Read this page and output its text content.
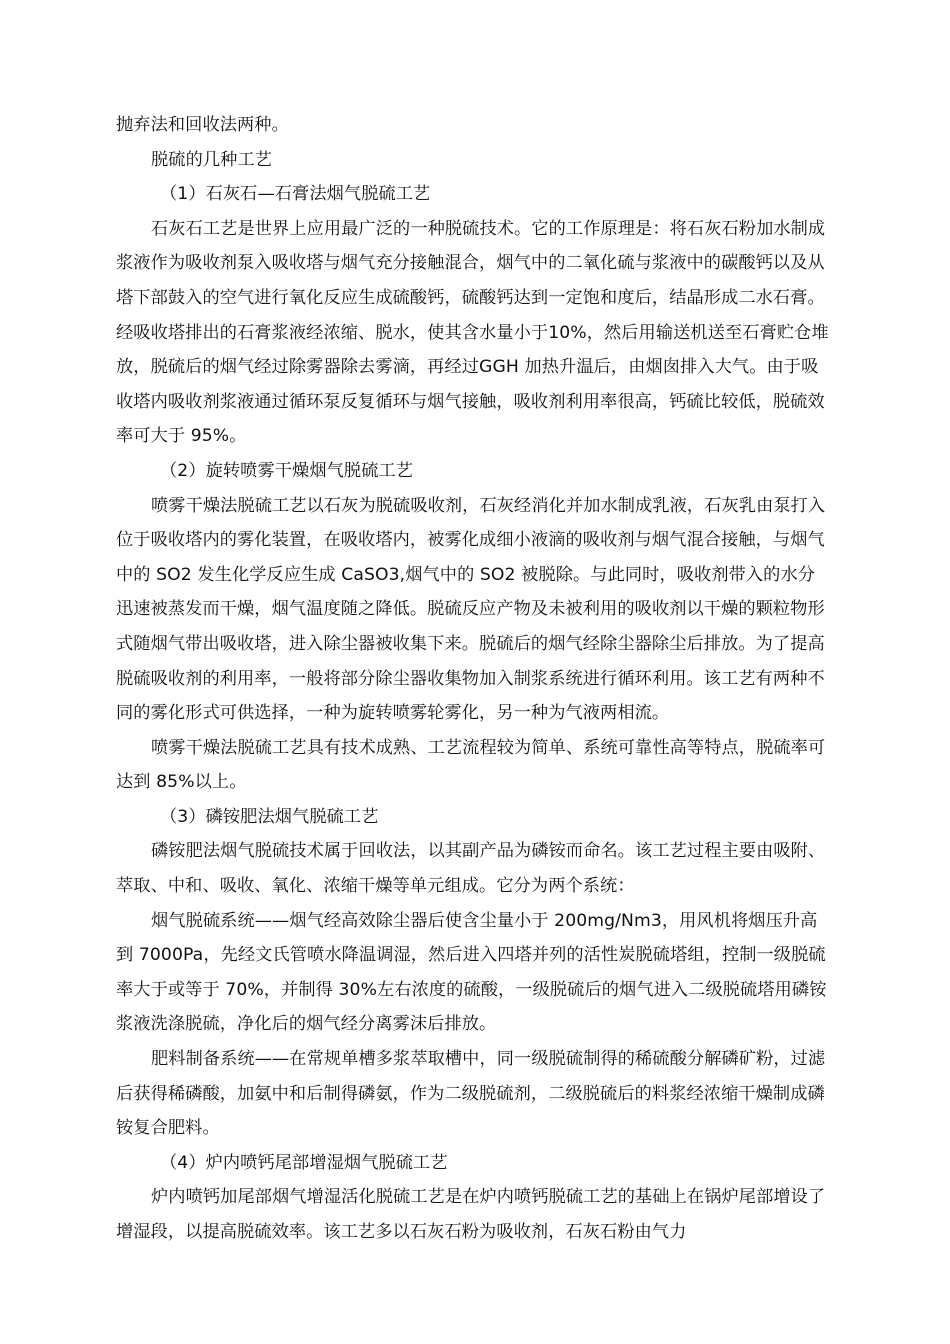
抛弃法和回收法两种。

脱硫的几种工艺

（1）石灰石—石膏法烟气脱硫工艺

石灰石工艺是世界上应用最广泛的一种脱硫技术。它的工作原理是：将石灰石粉加水制成浆液作为吸收剂泵入吸收塔与烟气充分接触混合，烟气中的二氧化硫与浆液中的碳酸钙以及从塔下部鼓入的空气进行氧化反应生成硫酸钙，硫酸钙达到一定饱和度后，结晶形成二水石膏。经吸收塔排出的石膏浆液经浓缩、脱水，使其含水量小于10%，然后用输送机送至石膏贮仓堆放，脱硫后的烟气经过除雾器除去雾滴，再经过GGH 加热升温后，由烟囱排入大气。由于吸收塔内吸收剂浆液通过循环泵反复循环与烟气接触，吸收剂利用率很高，钙硫比较低，脱硫效率可大于 95%。

（2）旋转喷雾干燥烟气脱硫工艺

喷雾干燥法脱硫工艺以石灰为脱硫吸收剂，石灰经消化并加水制成乳液，石灰乳由泵打入位于吸收塔内的雾化装置，在吸收塔内，被雾化成细小液滴的吸收剂与烟气混合接触，与烟气中的 SO2 发生化学反应生成 CaSO3,烟气中的 SO2 被脱除。与此同时，吸收剂带入的水分迅速被蒸发而干燥，烟气温度随之降低。脱硫反应产物及未被利用的吸收剂以干燥的颗粒物形式随烟气带出吸收塔，进入除尘器被收集下来。脱硫后的烟气经除尘器除尘后排放。为了提高脱硫吸收剂的利用率，一般将部分除尘器收集物加入制浆系统进行循环利用。该工艺有两种不同的雾化形式可供选择，一种为旋转喷雾轮雾化，另一种为气液两相流。

喷雾干燥法脱硫工艺具有技术成熟、工艺流程较为简单、系统可靠性高等特点，脱硫率可达到 85%以上。

（3）磷铵肥法烟气脱硫工艺

磷铵肥法烟气脱硫技术属于回收法，以其副产品为磷铵而命名。该工艺过程主要由吸附、萃取、中和、吸收、氧化、浓缩干燥等单元组成。它分为两个系统：

烟气脱硫系统——烟气经高效除尘器后使含尘量小于 200mg/Nm3，用风机将烟压升高到 7000Pa，先经文氏管喷水降温调湿，然后进入四塔并列的活性炭脱硫塔组，控制一级脱硫率大于或等于 70%，并制得 30%左右浓度的硫酸，一级脱硫后的烟气进入二级脱硫塔用磷铵浆液洗涤脱硫，净化后的烟气经分离雾沫后排放。

肥料制备系统——在常规单槽多浆萃取槽中，同一级脱硫制得的稀硫酸分解磷矿粉，过滤后获得稀磷酸，加氨中和后制得磷氨，作为二级脱硫剂，二级脱硫后的料浆经浓缩干燥制成磷铵复合肥料。

（4）炉内喷钙尾部增湿烟气脱硫工艺

炉内喷钙加尾部烟气增湿活化脱硫工艺是在炉内喷钙脱硫工艺的基础上在锅炉尾部增设了增湿段，以提高脱硫效率。该工艺多以石灰石粉为吸收剂，石灰石粉由气力
